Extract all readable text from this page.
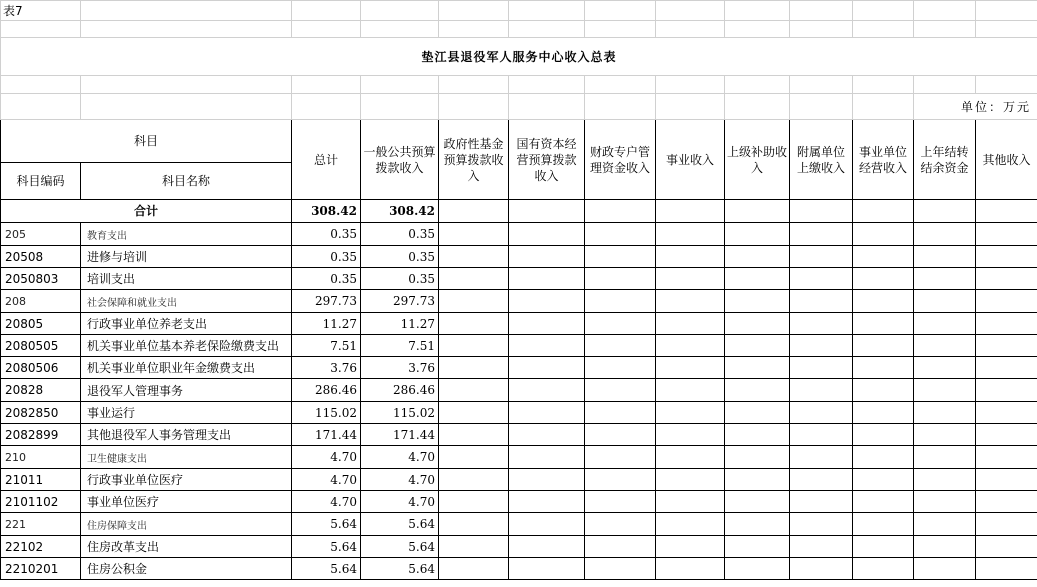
表7												

垫江县退役军人服务中心收入总表												

											单位：万元	
科目		总计	一般公共预算拨款收入	政府性基金预算拨款收入	国有资本经营预算拨款收入	财政专户管理资金收入	事业收入	上级补助收入	附属单位上缴收入	事业单位经营收入	上年结转结余资金	其他收入
科目编码	科目名称											
合计		308.42	308.42									
205	教育支出	0.35	0.35									
20508	进修与培训	0.35	0.35									
2050803	培训支出	0.35	0.35									
208	社会保障和就业支出	297.73	297.73									
20805	行政事业单位养老支出	11.27	11.27									
2080505	机关事业单位基本养老保险缴费支出	7.51	7.51									
2080506	机关事业单位职业年金缴费支出	3.76	3.76									
20828	退役军人管理事务	286.46	286.46									
2082850	事业运行	115.02	115.02									
2082899	其他退役军人事务管理支出	171.44	171.44									
210	卫生健康支出	4.70	4.70									
21011	行政事业单位医疗	4.70	4.70									
2101102	事业单位医疗	4.70	4.70									
221	住房保障支出	5.64	5.64									
22102	住房改革支出	5.64	5.64									
2210201	住房公积金	5.64	5.64									
